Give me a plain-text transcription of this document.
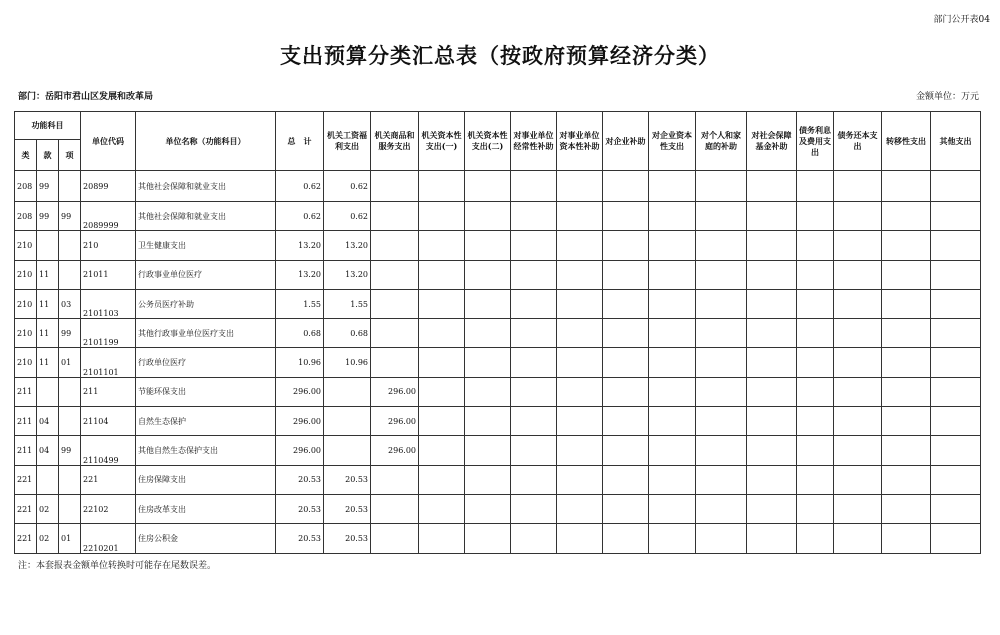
部门公开表04
支出预算分类汇总表（按政府预算经济分类）
部门：岳阳市君山区发展和改革局	金额单位：万元
功能科目			单位代码	单位名称（功能科目）	总　计	机关工资福利支出	机关商品和服务支出	机关资本性支出(一)	机关资本性支出(二)	对事业单位经常性补助	对事业单位资本性补助	对企业补助	对企业资本性支出	对个人和家庭的补助	对社会保障基金补助	债务利息及费用支出	债务还本支出	转移性支出	其他支出
类	款	项																	
208	99		20899	其他社会保障和就业支出	0.62	0.62													
208	99	99	2089999	其他社会保障和就业支出	0.62	0.62													
210			210	卫生健康支出	13.20	13.20													
210	11		21011	行政事业单位医疗	13.20	13.20													
210	11	03	2101103	公务员医疗补助	1.55	1.55													
210	11	99	2101199	其他行政事业单位医疗支出	0.68	0.68													
210	11	01	2101101	行政单位医疗	10.96	10.96													
211			211	节能环保支出	296.00		296.00												
211	04		21104	自然生态保护	296.00		296.00												
211	04	99	2110499	其他自然生态保护支出	296.00		296.00												
221			221	住房保障支出	20.53	20.53													
221	02		22102	住房改革支出	20.53	20.53													
221	02	01	2210201	住房公积金	20.53	20.53													
注：本套报表金额单位转换时可能存在尾数误差。
